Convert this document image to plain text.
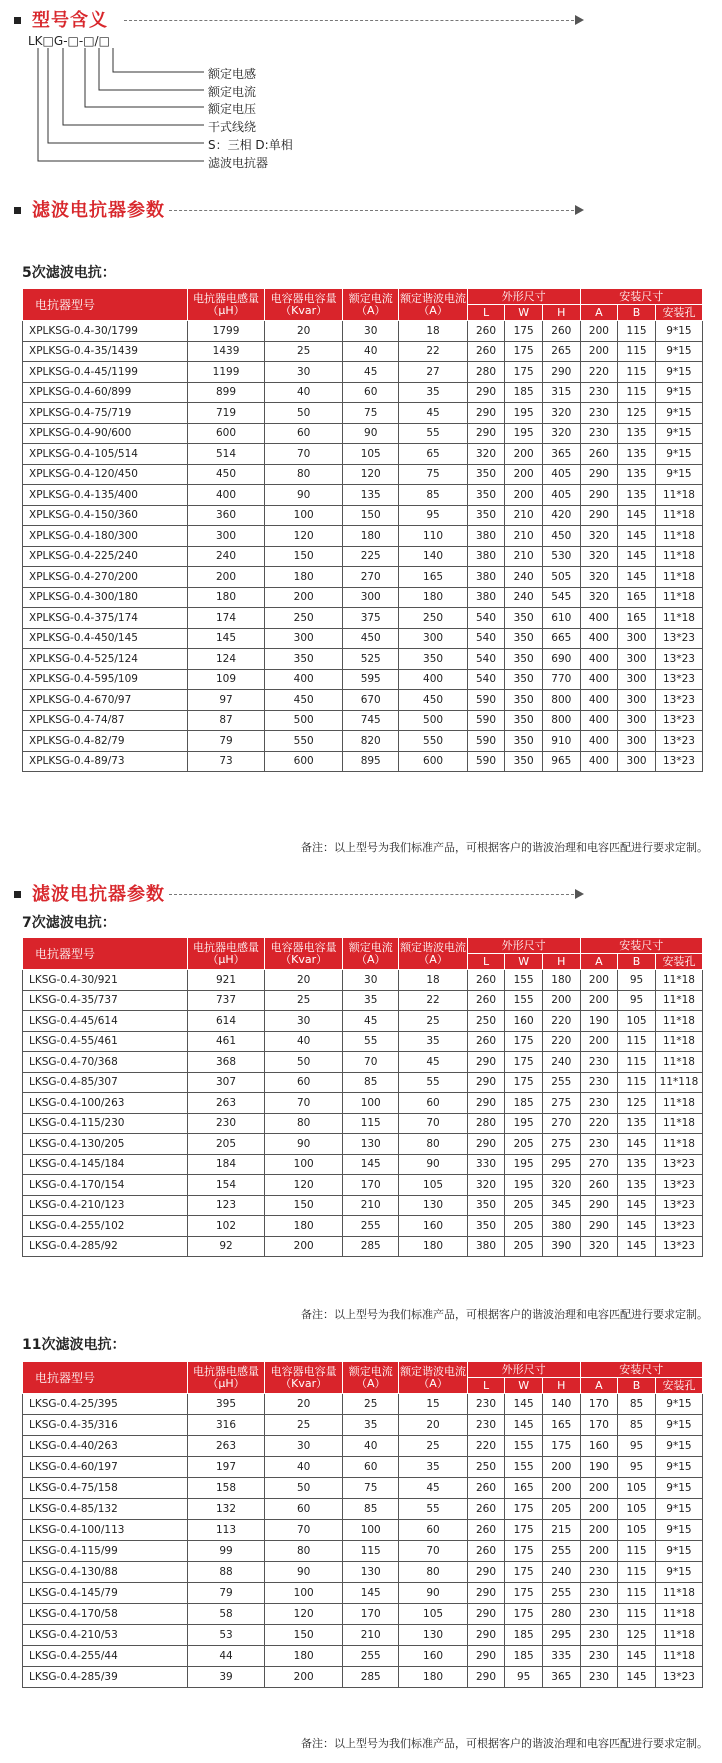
型号含义
LK□G-□-□/□
额定电感
额定电流
额定电压
干式线绕
S：三相 D:单相
滤波电抗器
滤波电抗器参数
5次滤波电抗：
电抗器型号	电抗器电感量（μH）	电容器电容量（Kvar）	额定电流（A）	额定谐波电流（A）	外形尺寸			安装尺寸		
					L	W	H	A	B	安装孔
XPLKSG-0.4-30/1799	1799	20	30	18	260	175	260	200	115	9*15
XPLKSG-0.4-35/1439	1439	25	40	22	260	175	265	200	115	9*15
XPLKSG-0.4-45/1199	1199	30	45	27	280	175	290	220	115	9*15
XPLKSG-0.4-60/899	899	40	60	35	290	185	315	230	115	9*15
XPLKSG-0.4-75/719	719	50	75	45	290	195	320	230	125	9*15
XPLKSG-0.4-90/600	600	60	90	55	290	195	320	230	135	9*15
XPLKSG-0.4-105/514	514	70	105	65	320	200	365	260	135	9*15
XPLKSG-0.4-120/450	450	80	120	75	350	200	405	290	135	9*15
XPLKSG-0.4-135/400	400	90	135	85	350	200	405	290	135	11*18
XPLKSG-0.4-150/360	360	100	150	95	350	210	420	290	145	11*18
XPLKSG-0.4-180/300	300	120	180	110	380	210	450	320	145	11*18
XPLKSG-0.4-225/240	240	150	225	140	380	210	530	320	145	11*18
XPLKSG-0.4-270/200	200	180	270	165	380	240	505	320	145	11*18
XPLKSG-0.4-300/180	180	200	300	180	380	240	545	320	165	11*18
XPLKSG-0.4-375/174	174	250	375	250	540	350	610	400	165	11*18
XPLKSG-0.4-450/145	145	300	450	300	540	350	665	400	300	13*23
XPLKSG-0.4-525/124	124	350	525	350	540	350	690	400	300	13*23
XPLKSG-0.4-595/109	109	400	595	400	540	350	770	400	300	13*23
XPLKSG-0.4-670/97	97	450	670	450	590	350	800	400	300	13*23
XPLKSG-0.4-74/87	87	500	745	500	590	350	800	400	300	13*23
XPLKSG-0.4-82/79	79	550	820	550	590	350	910	400	300	13*23
XPLKSG-0.4-89/73	73	600	895	600	590	350	965	400	300	13*23
备注：以上型号为我们标准产品，可根据客户的谐波治理和电容匹配进行要求定制。
滤波电抗器参数
7次滤波电抗：
电抗器型号	电抗器电感量（μH）	电容器电容量（Kvar）	额定电流（A）	额定谐波电流（A）	外形尺寸			安装尺寸		
					L	W	H	A	B	安装孔
LKSG-0.4-30/921	921	20	30	18	260	155	180	200	95	11*18
LKSG-0.4-35/737	737	25	35	22	260	155	200	200	95	11*18
LKSG-0.4-45/614	614	30	45	25	250	160	220	190	105	11*18
LKSG-0.4-55/461	461	40	55	35	260	175	220	200	115	11*18
LKSG-0.4-70/368	368	50	70	45	290	175	240	230	115	11*18
LKSG-0.4-85/307	307	60	85	55	290	175	255	230	115	11*118
LKSG-0.4-100/263	263	70	100	60	290	185	275	230	125	11*18
LKSG-0.4-115/230	230	80	115	70	280	195	270	220	135	11*18
LKSG-0.4-130/205	205	90	130	80	290	205	275	230	145	11*18
LKSG-0.4-145/184	184	100	145	90	330	195	295	270	135	13*23
LKSG-0.4-170/154	154	120	170	105	320	195	320	260	135	13*23
LKSG-0.4-210/123	123	150	210	130	350	205	345	290	145	13*23
LKSG-0.4-255/102	102	180	255	160	350	205	380	290	145	13*23
LKSG-0.4-285/92	92	200	285	180	380	205	390	320	145	13*23
备注：以上型号为我们标准产品，可根据客户的谐波治理和电容匹配进行要求定制。
11次滤波电抗：
电抗器型号	电抗器电感量（μH）	电容器电容量（Kvar）	额定电流（A）	额定谐波电流（A）	外形尺寸			安装尺寸		
					L	W	H	A	B	安装孔
LKSG-0.4-25/395	395	20	25	15	230	145	140	170	85	9*15
LKSG-0.4-35/316	316	25	35	20	230	145	165	170	85	9*15
LKSG-0.4-40/263	263	30	40	25	220	155	175	160	95	9*15
LKSG-0.4-60/197	197	40	60	35	250	155	200	190	95	9*15
LKSG-0.4-75/158	158	50	75	45	260	165	200	200	105	9*15
LKSG-0.4-85/132	132	60	85	55	260	175	205	200	105	9*15
LKSG-0.4-100/113	113	70	100	60	260	175	215	200	105	9*15
LKSG-0.4-115/99	99	80	115	70	260	175	255	200	115	9*15
LKSG-0.4-130/88	88	90	130	80	290	175	240	230	115	9*15
LKSG-0.4-145/79	79	100	145	90	290	175	255	230	115	11*18
LKSG-0.4-170/58	58	120	170	105	290	175	280	230	115	11*18
LKSG-0.4-210/53	53	150	210	130	290	185	295	230	125	11*18
LKSG-0.4-255/44	44	180	255	160	290	185	335	230	145	11*18
LKSG-0.4-285/39	39	200	285	180	290	95	365	230	145	13*23
备注：以上型号为我们标准产品，可根据客户的谐波治理和电容匹配进行要求定制。
